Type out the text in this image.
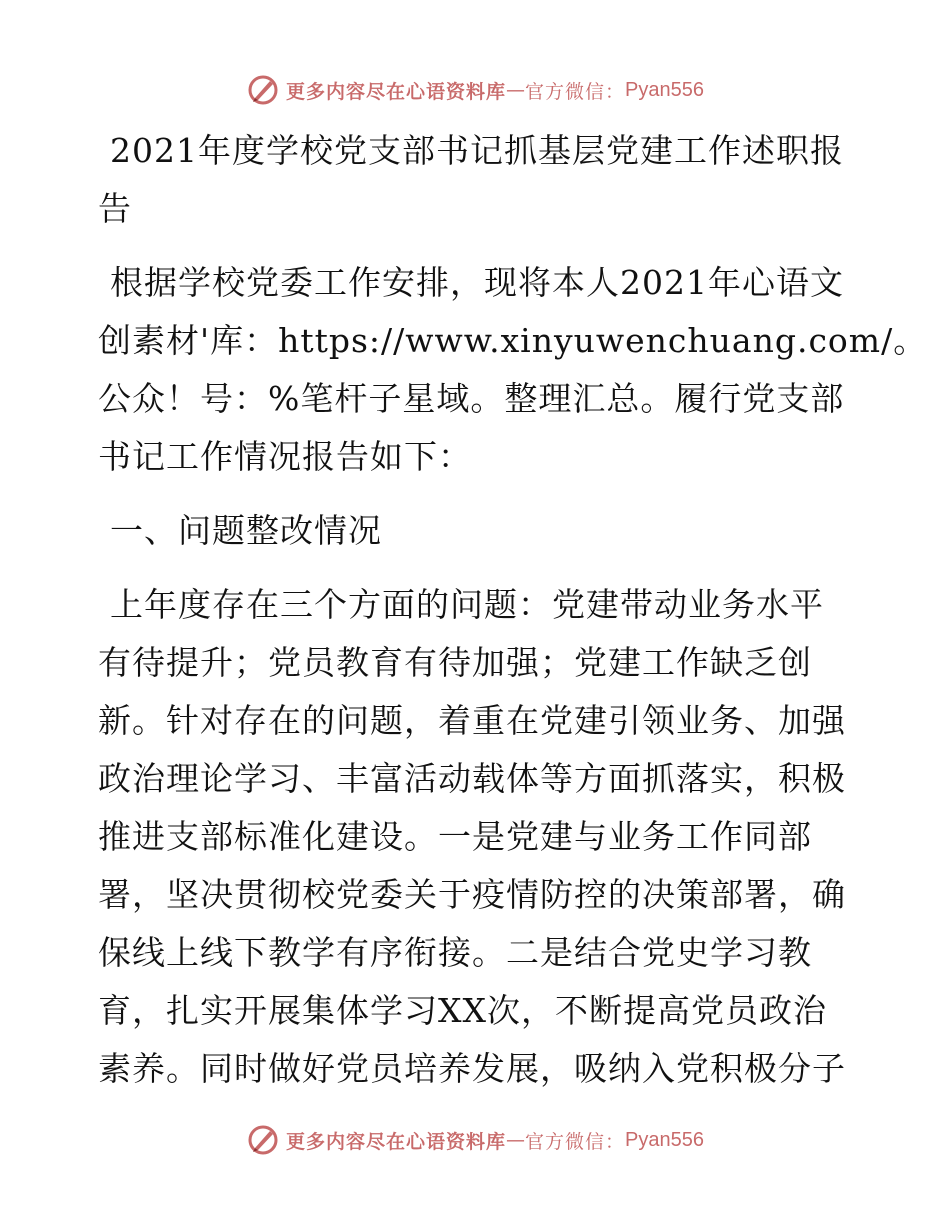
更多内容尽在心语资料库 — 官方微信： Pyan556

2021年度学校党支部书记抓基层党建工作述职报

告

根据学校党委工作安排，现将本人2021年心语文

创素材'库：https://www.xinyuwenchuang.com/。

公众！号：%笔杆子星域。整理汇总。履行党支部

书记工作情况报告如下：

一、问题整改情况

上年度存在三个方面的问题：党建带动业务水平

有待提升；党员教育有待加强；党建工作缺乏创

新。针对存在的问题，着重在党建引领业务、加强

政治理论学习、丰富活动载体等方面抓落实，积极

推进支部标准化建设。一是党建与业务工作同部

署，坚决贯彻校党委关于疫情防控的决策部署，确

保线上线下教学有序衔接。二是结合党史学习教

育，扎实开展集体学习XX次，不断提高党员政治

素养。同时做好党员培养发展，吸纳入党积极分子

更多内容尽在心语资料库 — 官方微信： Pyan556
